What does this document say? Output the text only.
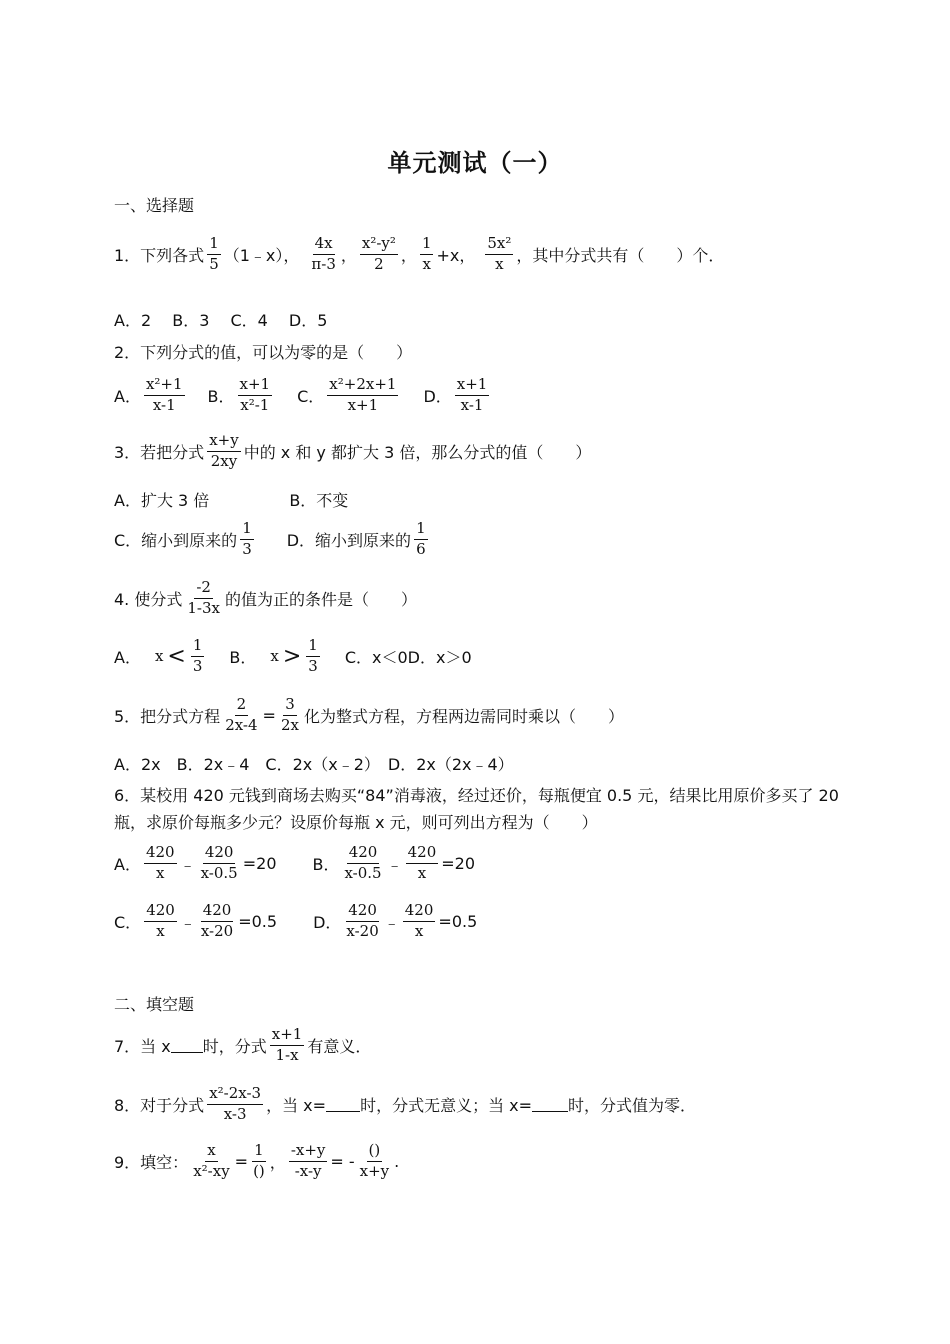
单元测试（一）
一、选择题
1．下列各式 $\frac{1}{5}$ （1﹣x）， $\frac{4x}{\pi-3}$ ， $\frac{\text{x²-y²}}{2}$ ， $\frac{1}{x} +x$， $\frac{\text{5x²}}{x}$ ，其中分式共有（　　）个．
A．2　 B．3　 C．4　 D．5
2．下列分式的值，可以为零的是（　　）
A． $\frac{\text{x²+1}}{x-1}$ B． $\frac{x+1}{\text{x²-1}}$ C． $\frac{\text{x²+2x+1}}{x+1}$ D． $\frac{x+1}{x-1}$
3．若把分式 $\frac{x+y}{2xy}$ 中的 x 和 y 都扩大 3 倍，那么分式的值（　　）
A．扩大 3 倍	B．不变
C．缩小到原来的 $\frac{1}{3}$ D．缩小到原来的 $\frac{1}{6}$
4. 使分式 $\frac{-2}{1-3x}$ 的值为正的条件是（　　）
A． $x < \frac{1}{3}$ B． $x > \frac{1}{3}$ C．x＜0D．x＞0
5．把分式方程 $\frac{2}{2x-4} = \frac{3}{2x}$ 化为整式方程，方程两边需同时乘以（　　）
A．2x　B．2x﹣4　C．2x（x﹣2）　D．2x（2x﹣4）
6．某校用 420 元钱到商场去购买“84”消毒液，经过还价，每瓶便宜 0.5 元，结果比用原价多买了 20 瓶，求原价每瓶多少元？设原价每瓶 x 元，则可列出方程为（　　）
A． $\frac{420}{x}$ ﹣ $\frac{420}{x-0.5} =20$ B． $\frac{420}{x-0.5}$ ﹣ $\frac{420}{x} =20$
C． $\frac{420}{x}$ ﹣ $\frac{420}{x-20} =0.5$ D． $\frac{420}{x-20}$ ﹣ $\frac{420}{x} =0.5$
二、填空题
7．当 x 时，分式 $\frac{x+1}{1-x}$ 有意义．
8．对于分式 $\frac{\text{x²-2x-3}}{x-3}$ ，当 x= 时，分式无意义；当 x= 时，分式值为零．
9．填空： $\frac{x}{\text{x²-xy}} = \frac{1}{()}$ ， $\frac{-x+y}{-x-y}$ = - $\frac{()}{x+y}$ .
